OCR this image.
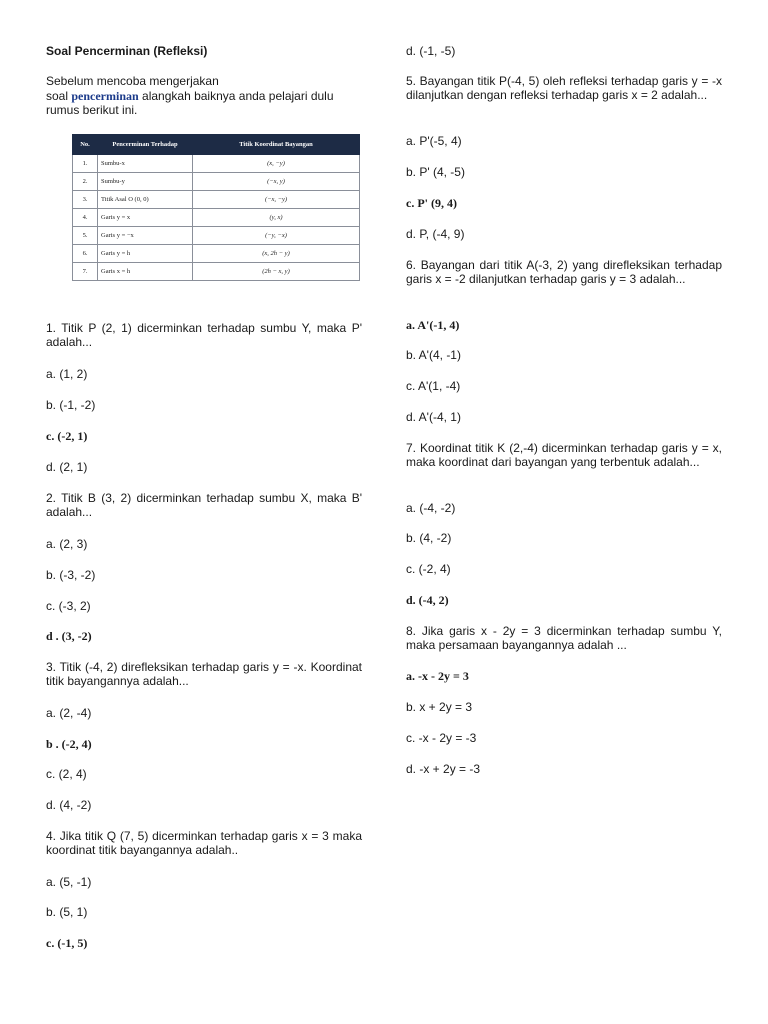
Soal Pencerminan (Refleksi)
Sebelum mencoba mengerjakan
soal pencerminan alangkah baiknya anda pelajari dulu
rumus berikut ini.
No.	Pencerminan Terhadap	Titik Koordinat Bayangan
1.	Sumbu-x	(x, −y)
2.	Sumbu-y	(−x, y)
3.	Titik Asal O (0, 0)	(−x, −y)
4.	Garis y = x	(y, x)
5.	Garis y = −x	(−y, −x)
6.	Garis y = h	(x, 2h − y)
7.	Garis x = h	(2h − x, y)
1. Titik P (2, 1) dicerminkan terhadap sumbu Y, maka P' adalah...
a. (1, 2)
b. (-1, -2)
c. (-2, 1)
d. (2, 1)
2. Titik B (3, 2) dicerminkan terhadap sumbu X, maka B' adalah...
a. (2, 3)
b. (-3, -2)
c. (-3, 2)
d . (3, -2)
3. Titik (-4, 2) direfleksikan terhadap garis y = -x. Koordinat titik bayangannya adalah...
a. (2, -4)
b . (-2, 4)
c. (2, 4)
d. (4, -2)
4. Jika titik Q (7, 5) dicerminkan terhadap garis x = 3 maka koordinat titik bayangannya adalah..
a. (5, -1)
b. (5, 1)
c. (-1, 5)
d. (-1, -5)
5. Bayangan titik P(-4, 5) oleh refleksi terhadap garis y = -x dilanjutkan dengan refleksi terhadap garis x = 2 adalah...
a. P'(-5, 4)
b. P' (4, -5)
c. P' (9, 4)
d. P, (-4, 9)
6. Bayangan dari titik A(-3, 2) yang direfleksikan terhadap garis x = -2 dilanjutkan terhadap garis y = 3 adalah...
a. A'(-1, 4)
b. A'(4, -1)
c. A'(1, -4)
d. A'(-4, 1)
7. Koordinat titik K (2,-4) dicerminkan terhadap garis y = x, maka koordinat dari bayangan yang terbentuk adalah...
a. (-4, -2)
b. (4, -2)
c. (-2, 4)
d. (-4, 2)
8. Jika garis x - 2y = 3 dicerminkan terhadap sumbu Y, maka persamaan bayangannya adalah ...
a. -x - 2y = 3
b. x + 2y = 3
c. -x - 2y = -3
d. -x + 2y = -3
